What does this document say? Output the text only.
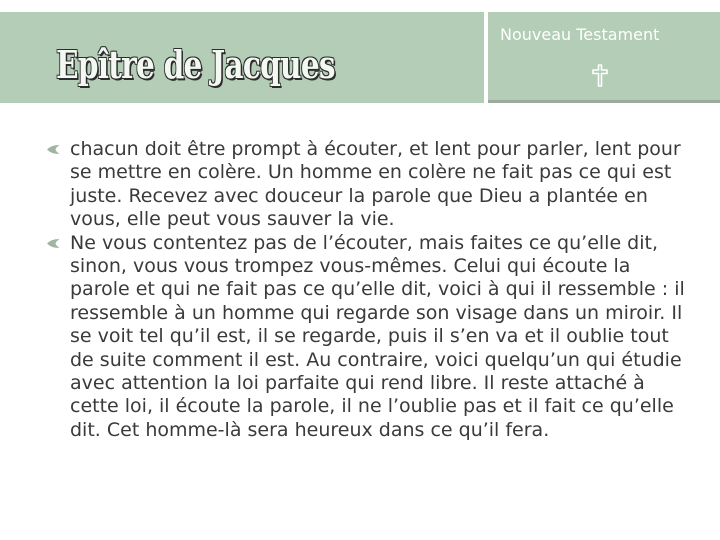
Epître de Jacques
Nouveau Testament
chacun doit être prompt à écouter, et lent pour parler, lent pour se mettre en colère. Un homme en colère ne fait pas ce qui est juste. Recevez avec douceur la parole que Dieu a plantée en vous, elle peut vous sauver la vie.
Ne vous contentez pas de l’écouter, mais faites ce qu’elle dit, sinon, vous vous trompez vous-mêmes. Celui qui écoute la parole et qui ne fait pas ce qu’elle dit, voici à qui il ressemble : il ressemble à un homme qui regarde son visage dans un miroir. Il se voit tel qu’il est, il se regarde, puis il s’en va et il oublie tout de suite comment il est. Au contraire, voici quelqu’un qui étudie avec attention la loi parfaite qui rend libre. Il reste attaché à cette loi, il écoute la parole, il ne l’oublie pas et il fait ce qu’elle dit. Cet homme-là sera heureux dans ce qu’il fera.
